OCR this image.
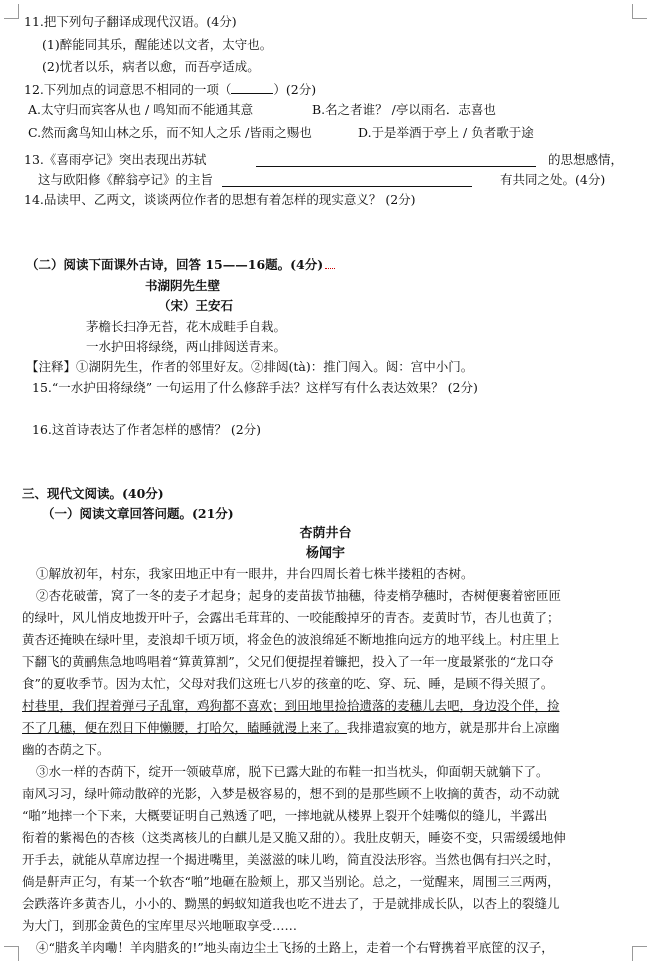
11.把下列句子翻译成现代汉语。(4分)
(1)醉能同其乐，醒能述以文者，太守也。
(2)忧者以乐，病者以愈，而吾亭适成。
12.下列加点的词意思不相同的一项（	）(2分)
A.太守归而宾客从也 / 鸣知而不能通其意	B.名之者谁？ /亭以雨名．志喜也
C.然而禽鸟知山林之乐，而不知人之乐 /皆雨之赐也	D.于是举酒于亭上 / 负者歌于途
13.《喜雨亭记》突出表现出苏轼	的思想感情，
这与欧阳修《醉翁亭记》的主旨	有共同之处。(4分)
14.品读甲、乙两文，谈谈两位作者的思想有着怎样的现实意义？ (2分)
（二）阅读下面课外古诗，回答 15——16题。(4分)
书湖阴先生壁
（宋）王安石
茅檐长扫净无苔，花木成畦手自栽。
一水护田将绿绕，两山排闼送青来。
【注释】①湖阴先生，作者的邻里好友。②排闼(tà)：推门闯入。闼：宫中小门。
15.“一水护田将绿绕” 一句运用了什么修辞手法？这样写有什么表达效果？ (2分)
16.这首诗表达了作者怎样的感情？ (2分)
三、现代文阅读。(40分)
（一）阅读文章回答问题。(21分)
杏荫井台
杨闻宇
①解放初年，村东，我家田地正中有一眼井，井台四周长着七株半搂粗的杏树。
②杏花破蕾，窝了一冬的麦子才起身；起身的麦苗拔节抽穗，待麦梢孕穗时，杏树便裹着密匝匝
的绿叶，风儿悄皮地拨开叶子，会露出毛茸茸的、一咬能酸掉牙的青杏。麦黄时节，杏儿也黄了；
黄杏还掩映在绿叶里，麦浪却千顷万顷，将金色的波浪绵延不断地推向远方的地平线上。村庄里上
下翻飞的黄鹂焦急地鸣唱着“算黄算割”，父兄们便提捏着镰把，投入了一年一度最紧张的“龙口夺
食”的夏收季节。因为太忙，父母对我们这班七八岁的孩童的吃、穿、玩、睡，是顾不得关照了。
村巷里，我们捏着弹弓子乱窜，鸡狗都不喜欢；到田地里捡拾遗落的麦穗儿去吧，身边没个伴，捡
不了几穗，便在烈日下伸懒腰，打哈欠，瞌睡就漫上来了。我排遣寂寞的地方，就是那井台上凉幽
幽的杏荫之下。
③水一样的杏荫下，绽开一领破草席，脱下已露大趾的布鞋一扣当枕头，仰面朝天就躺下了。
南风习习，绿叶筛动散碎的光影，入梦是极容易的，想不到的是那些顾不上收摘的黄杏，动不动就
“啪”地摔一个下来，大概要证明自己熟透了吧，一摔地就从楼界上裂开个娃嘴似的缝儿，半露出
衔着的紫褐色的杏核（这类离核儿的白麒儿是又脆又甜的）。我肚皮朝天，睡姿不变，只需缓缓地伸
开手去，就能从草席边捏一个揭进嘴里，美滋滋的味儿哟，简直没法形容。当然也偶有扫兴之时，
倘是鼾声正匀，有某一个软杏“啪”地砸在脸颊上，那又当别论。总之，一觉醒来，周围三三两两，
会跌落许多黄杏儿，小小的、黝黑的蚂蚁知道我也吃不进去了，于是就排成长队，以杏上的裂缝儿
为大门，到那金黄色的宝库里尽兴地咂取享受……
④“腊炙羊肉嘞！羊肉腊炙的!”地头南边尘土飞扬的土路上，走着一个右臂携着平底筐的汉子，
